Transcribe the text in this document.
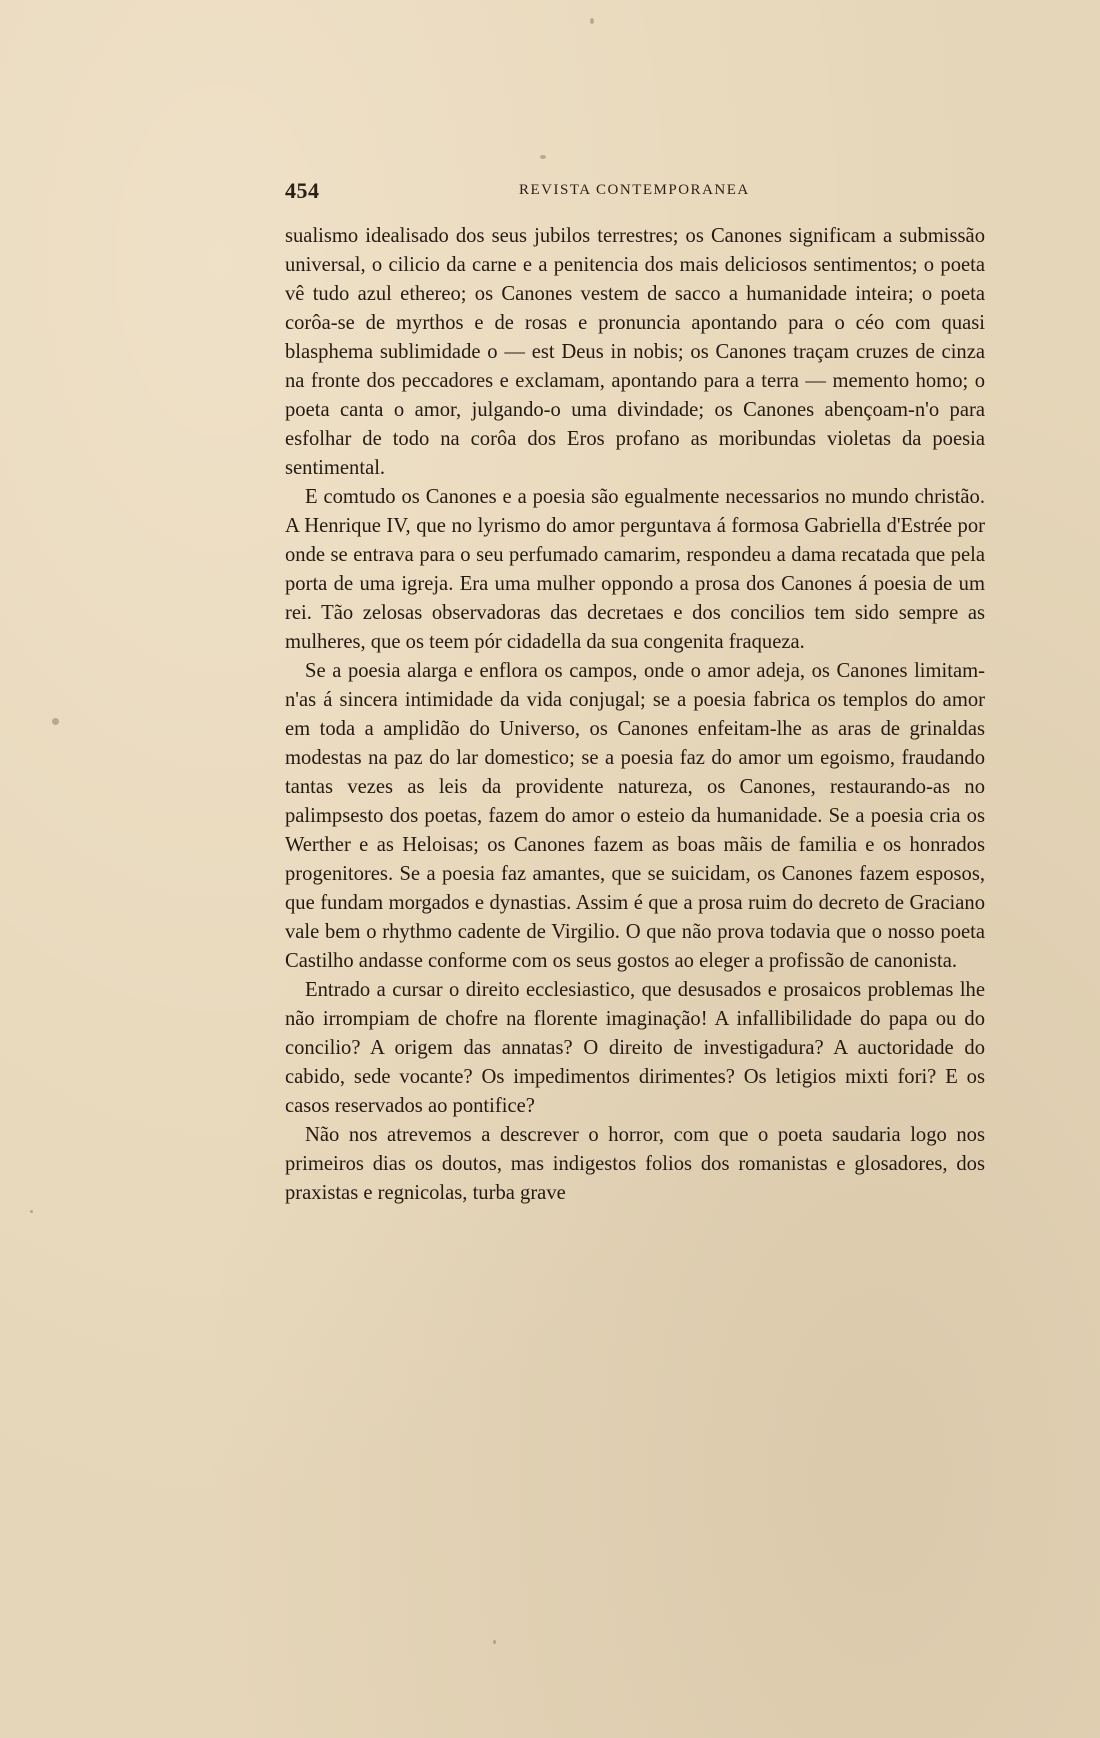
454	REVISTA CONTEMPORANEA

sualismo idealisado dos seus jubilos terrestres; os Canones significam a submissão universal, o cilicio da carne e a penitencia dos mais deliciosos sentimentos; o poeta vê tudo azul ethereo; os Canones vestem de sacco a humanidade inteira; o poeta corôa-se de myrthos e de rosas e pronuncia apontando para o céo com quasi blasphema sublimidade o — est Deus in nobis; os Canones traçam cruzes de cinza na fronte dos peccadores e exclamam, apontando para a terra — memento homo; o poeta canta o amor, julgando-o uma divindade; os Canones abençoam-n'o para esfolhar de todo na corôa dos Eros profano as moribundas violetas da poesia sentimental.

E comtudo os Canones e a poesia são egualmente necessarios no mundo christão. A Henrique IV, que no lyrismo do amor perguntava á formosa Gabriella d'Estrée por onde se entrava para o seu perfumado camarim, respondeu a dama recatada que pela porta de uma igreja. Era uma mulher oppondo a prosa dos Canones á poesia de um rei. Tão zelosas observadoras das decretaes e dos concilios tem sido sempre as mulheres, que os teem pór cidadella da sua congenita fraqueza.

Se a poesia alarga e enflora os campos, onde o amor adeja, os Canones limitam-n'as á sincera intimidade da vida conjugal; se a poesia fabrica os templos do amor em toda a amplidão do Universo, os Canones enfeitam-lhe as aras de grinaldas modestas na paz do lar domestico; se a poesia faz do amor um egoismo, fraudando tantas vezes as leis da providente natureza, os Canones, restaurando-as no palimpsesto dos poetas, fazem do amor o esteio da humanidade. Se a poesia cria os Werther e as Heloisas; os Canones fazem as boas mãis de familia e os honrados progenitores. Se a poesia faz amantes, que se suicidam, os Canones fazem esposos, que fundam morgados e dynastias. Assim é que a prosa ruim do decreto de Graciano vale bem o rhythmo cadente de Virgilio. O que não prova todavia que o nosso poeta Castilho andasse conforme com os seus gostos ao eleger a profissão de canonista.

Entrado a cursar o direito ecclesiastico, que desusados e prosaicos problemas lhe não irrompiam de chofre na florente imaginação! A infallibilidade do papa ou do concilio? A origem das annatas? O direito de investigadura? A auctoridade do cabido, sede vocante? Os impedimentos dirimentes? Os letigios mixti fori? E os casos reservados ao pontifice?

Não nos atrevemos a descrever o horror, com que o poeta saudaria logo nos primeiros dias os doutos, mas indigestos folios dos romanistas e glosadores, dos praxistas e regnicolas, turba grave
